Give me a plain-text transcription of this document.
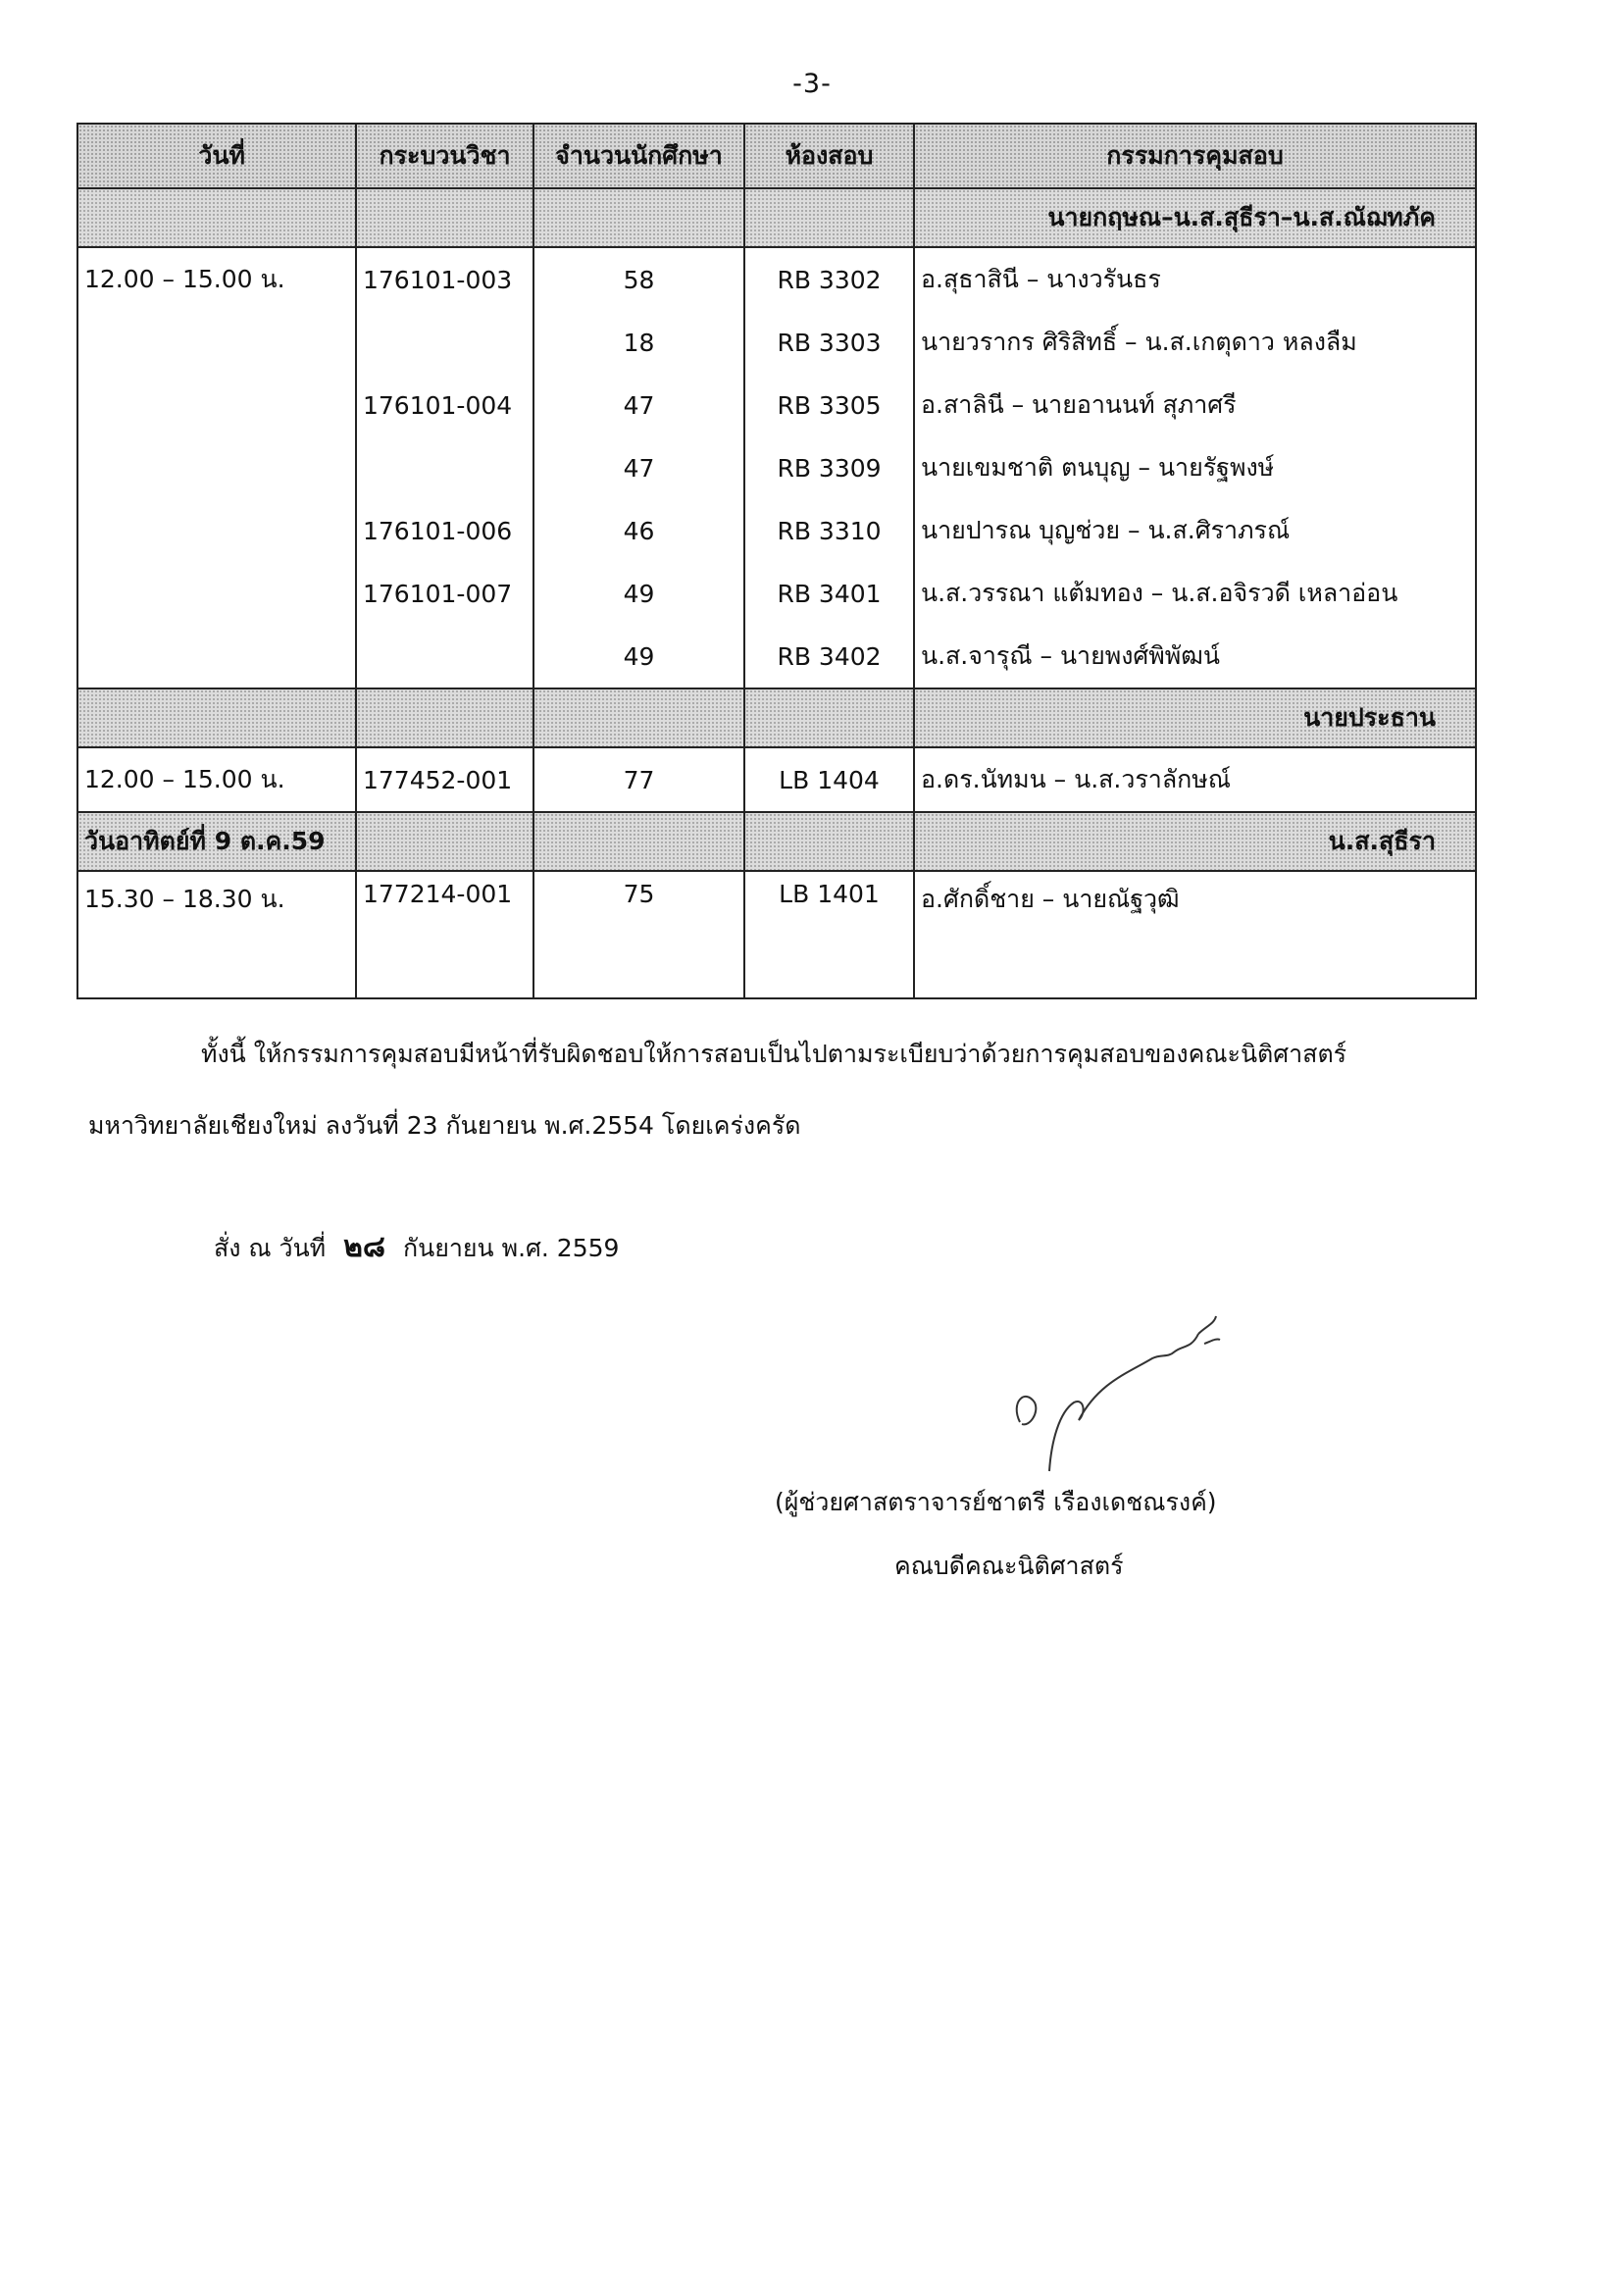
-3-
วันที่	กระบวนวิชา	จำนวนนักศึกษา	ห้องสอบ	กรรมการคุมสอบ
				นายกฤษณ–น.ส.สุธีรา–น.ส.ณัฌทภัค
12.00 – 15.00 น.	176101-003	58	RB 3302	อ.สุธาสินี – นางวรันธร
		18	RB 3303	นายวรากร ศิริสิทธิ์ – น.ส.เกตุดาว หลงลืม
	176101-004	47	RB 3305	อ.สาลินี – นายอานนท์ สุภาศรี
		47	RB 3309	นายเขมชาติ ตนบุญ – นายรัฐพงษ์
	176101-006	46	RB 3310	นายปารณ บุญช่วย – น.ส.ศิราภรณ์
	176101-007	49	RB 3401	น.ส.วรรณา แต้มทอง – น.ส.อจิรวดี เหลาอ่อน
		49	RB 3402	น.ส.จารุณี – นายพงศ์พิพัฒน์
				นายประธาน
12.00 – 15.00 น.	177452-001	77	LB 1404	อ.ดร.นัทมน – น.ส.วราลักษณ์
วันอาทิตย์ที่ 9 ต.ค.59				น.ส.สุธีรา
15.30 – 18.30 น.	177214-001	75	LB 1401	อ.ศักดิ์ชาย – นายณัฐวุฒิ
ทั้งนี้ ให้กรรมการคุมสอบมีหน้าที่รับผิดชอบให้การสอบเป็นไปตามระเบียบว่าด้วยการคุมสอบของคณะนิติศาสตร์
มหาวิทยาลัยเชียงใหม่ ลงวันที่ 23 กันยายน พ.ศ.2554 โดยเคร่งครัด
สั่ง ณ วันที่ ๒๘ กันยายน พ.ศ. 2559
(ผู้ช่วยศาสตราจารย์ชาตรี เรืองเดชณรงค์)
คณบดีคณะนิติศาสตร์
